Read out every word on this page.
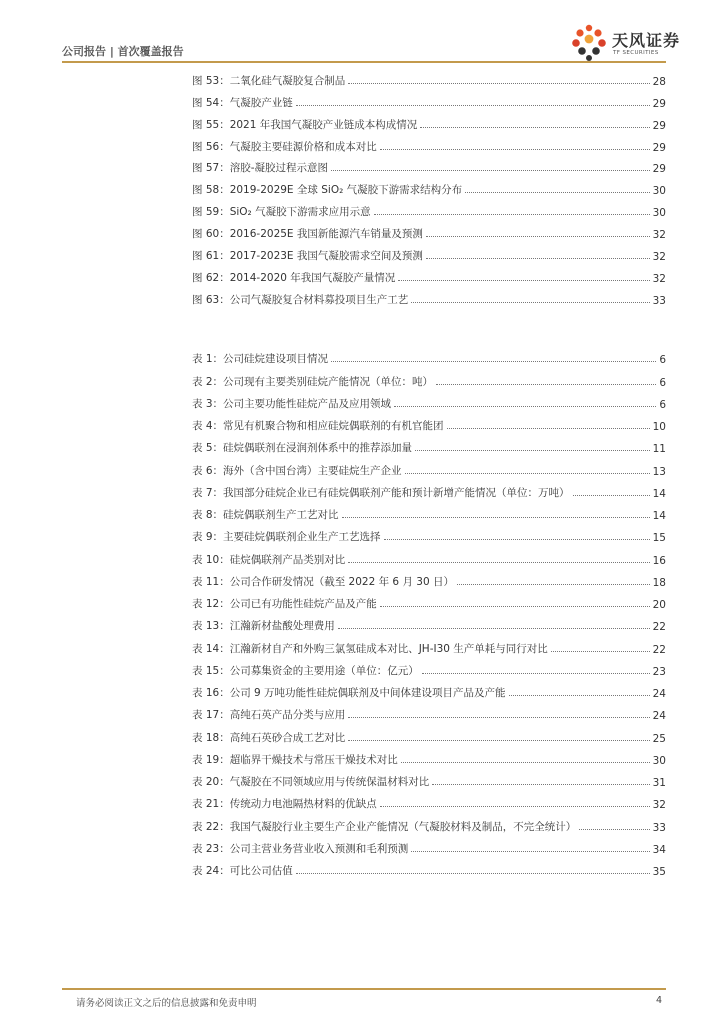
公司报告 | 首次覆盖报告
天风证券
TF SECURITIES
图 53：二氧化硅气凝胶复合制品	28
图 54：气凝胶产业链	29
图 55：2021 年我国气凝胶产业链成本构成情况	29
图 56：气凝胶主要硅源价格和成本对比	29
图 57：溶胶-凝胶过程示意图	29
图 58：2019-2029E 全球 SiO₂ 气凝胶下游需求结构分布	30
图 59：SiO₂ 气凝胶下游需求应用示意	30
图 60：2016-2025E 我国新能源汽车销量及预测	32
图 61：2017-2023E 我国气凝胶需求空间及预测	32
图 62：2014-2020 年我国气凝胶产量情况	32
图 63：公司气凝胶复合材料募投项目生产工艺	33
表 1：公司硅烷建设项目情况	6
表 2：公司现有主要类别硅烷产能情况（单位：吨）	6
表 3：公司主要功能性硅烷产品及应用领域	6
表 4：常见有机聚合物和相应硅烷偶联剂的有机官能团	10
表 5：硅烷偶联剂在浸润剂体系中的推荐添加量	11
表 6：海外（含中国台湾）主要硅烷生产企业	13
表 7：我国部分硅烷企业已有硅烷偶联剂产能和预计新增产能情况（单位：万吨）	14
表 8：硅烷偶联剂生产工艺对比	14
表 9：主要硅烷偶联剂企业生产工艺选择	15
表 10：硅烷偶联剂产品类别对比	16
表 11：公司合作研发情况（截至 2022 年 6 月 30 日）	18
表 12：公司已有功能性硅烷产品及产能	20
表 13：江瀚新材盐酸处理费用	22
表 14：江瀚新材自产和外购三氯氢硅成本对比、JH-I30 生产单耗与同行对比	22
表 15：公司募集资金的主要用途（单位：亿元）	23
表 16：公司 9 万吨功能性硅烷偶联剂及中间体建设项目产品及产能	24
表 17：高纯石英产品分类与应用	24
表 18：高纯石英砂合成工艺对比	25
表 19：超临界干燥技术与常压干燥技术对比	30
表 20：气凝胶在不同领域应用与传统保温材料对比	31
表 21：传统动力电池隔热材料的优缺点	32
表 22：我国气凝胶行业主要生产企业产能情况（气凝胶材料及制品，不完全统计）	33
表 23：公司主营业务营业收入预测和毛利预测	34
表 24：可比公司估值	35
请务必阅读正文之后的信息披露和免责申明	4
